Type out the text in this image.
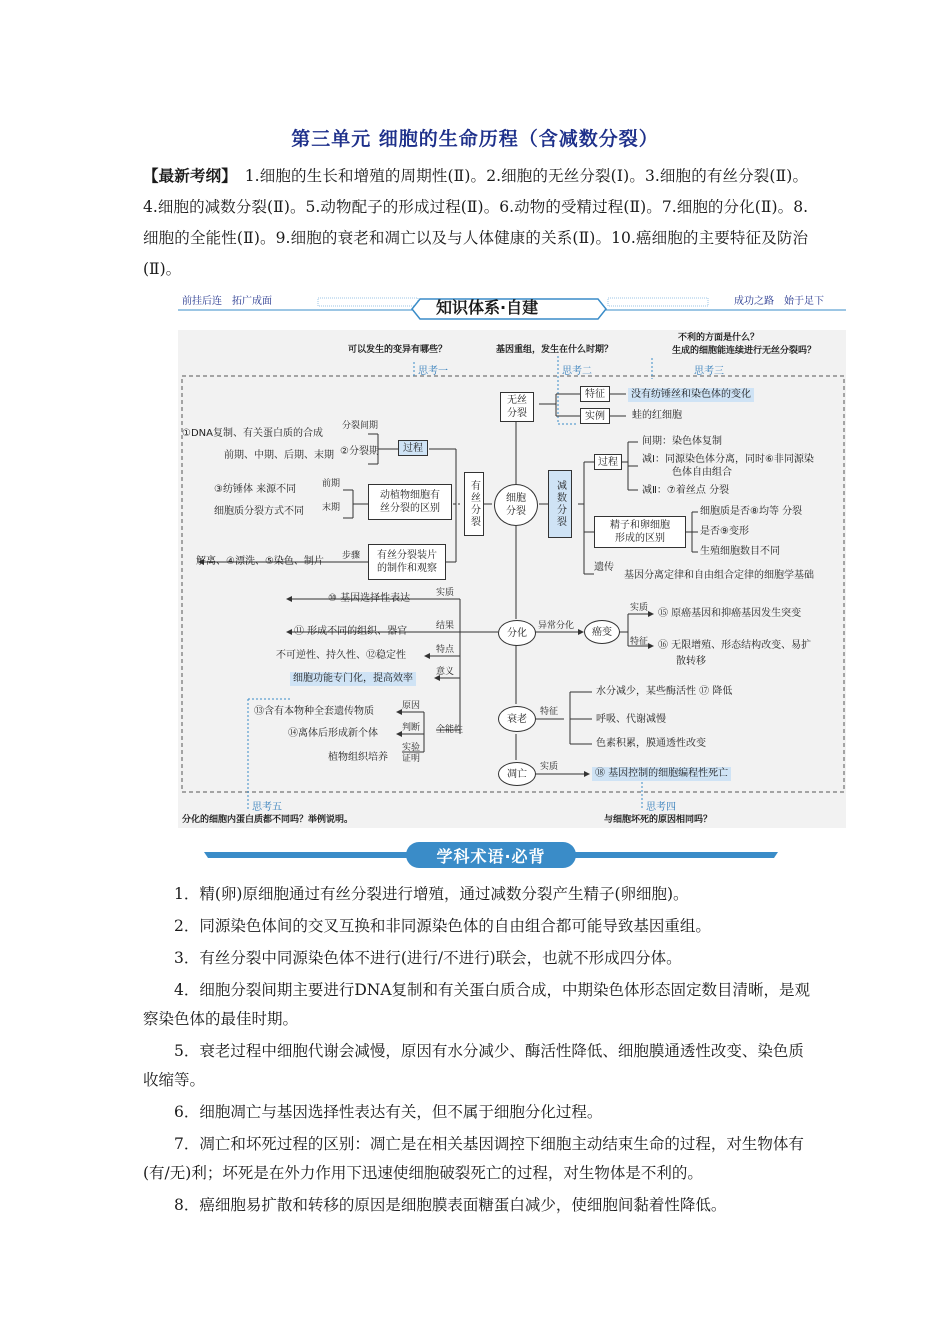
第三单元 细胞的生命历程（含减数分裂）
【最新考纲】　 1.细胞的生长和增殖的周期性(Ⅱ)。2.细胞的无丝分裂(Ⅰ)。3.细胞的有丝分裂(Ⅱ)。4.细胞的减数分裂(Ⅱ)。5.动物配子的形成过程(Ⅱ)。6.动物的受精过程(Ⅱ)。7.细胞的分化(Ⅱ)。8.细胞的全能性(Ⅱ)。9.细胞的衰老和凋亡以及与人体健康的关系(Ⅱ)。10.癌细胞的主要特征及防治(Ⅱ)。
前挂后连　拓广成面	知识体系·自建	成功之路　始于足下
可以发生的变异有哪些？	基因重组，发生在什么时期？
不利的方面是什么？
生成的细胞能连续进行无丝分裂吗？
思考一	思考二	思考三
思考四
思考五
与细胞坏死的原因相同吗？
分化的细胞内蛋白质都不同吗？举例说明。
无丝
分裂
细胞
分裂
有丝分裂	减数分裂
特征	没有纺锤丝和染色体的变化
实例	蛙的红细胞
①DNA复制、有关蛋白质的合成
分裂间期
前期、中期、后期、末期 ②分裂期	过程
③纺锤体 来源不同	前期
细胞质分裂方式不同 末期
动植物细胞有
丝分裂的区别
解离、④漂洗、⑤染色、制片 步骤	有丝分裂装片
的制作和观察
过程
间期：染色体复制
减Ⅰ：同源染色体分离，同时⑥非同源染
色体自由组合
减Ⅱ：⑦着丝点 分裂
精子和卵细胞
形成的区别
细胞质是否⑧均等 分裂
是否⑨变形
生殖细胞数目不同
遗传
基因分离定律和自由组合定律的细胞学基础
分化
⑩ 基因选择性表达	实质
⑪ 形成不同的组织、器官	结果
不可逆性、持久性、⑫稳定性	特点
细胞功能专门化，提高效率
意义
⑬含有本物种全套遗传物质	原因
⑭离体后形成新个体	判断 全能性
植物组织培养
实验
证明
异常分化
癌变
实质 ⑮ 原癌基因和抑癌基因发生突变
特征 ⑯ 无限增殖、形态结构改变、易扩
散转移
衰老
特征
水分减少，某些酶活性 ⑰ 降低
呼吸、代谢减慢
色素积累，膜通透性改变
凋亡
实质
⑱ 基因控制的细胞编程性死亡
学科术语·必背

1．精(卵)原细胞通过有丝分裂进行增殖，通过减数分裂产生精子(卵细胞)。

2．同源染色体间的交叉互换和非同源染色体的自由组合都可能导致基因重组。

3．有丝分裂中同源染色体不进行(进行/不进行)联会，也就不形成四分体。

4．细胞分裂间期主要进行DNA复制和有关蛋白质合成，中期染色体形态固定数目清晰，是观察染色体的最佳时期。

5．衰老过程中细胞代谢会减慢，原因有水分减少、酶活性降低、细胞膜通透性改变、染色质收缩等。

6．细胞凋亡与基因选择性表达有关，但不属于细胞分化过程。

7．凋亡和坏死过程的区别：凋亡是在相关基因调控下细胞主动结束生命的过程，对生物体有(有/无)利；坏死是在外力作用下迅速使细胞破裂死亡的过程，对生物体是不利的。

8．癌细胞易扩散和转移的原因是细胞膜表面糖蛋白减少，使细胞间黏着性降低。
